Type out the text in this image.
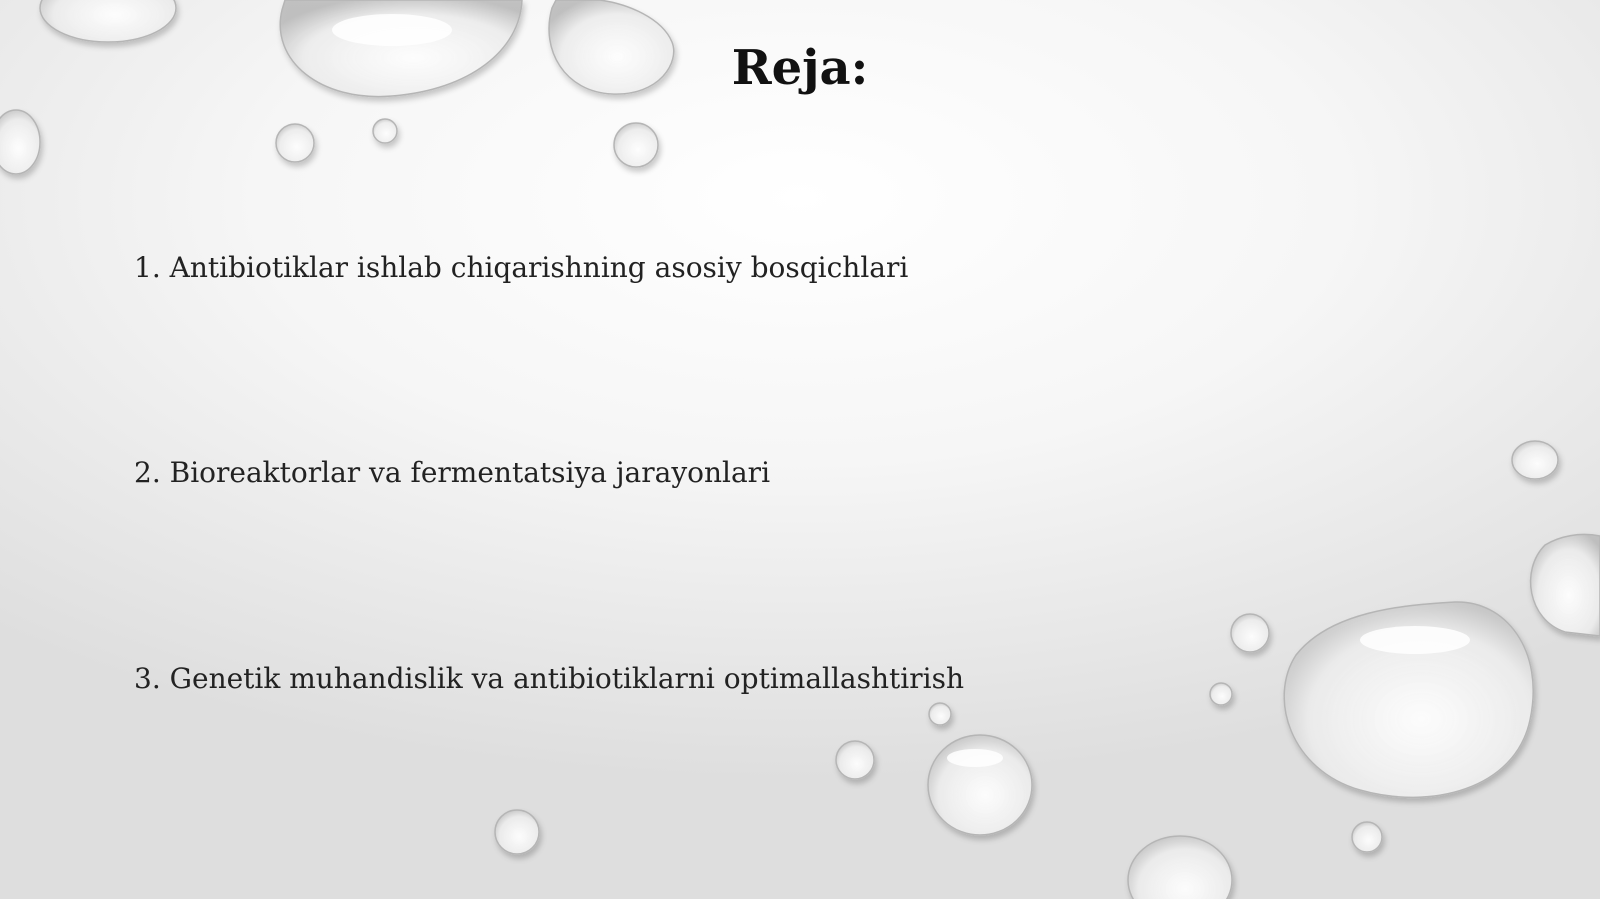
Reja:
1. Antibiotiklar ishlab chiqarishning asosiy bosqichlari
2. Bioreaktorlar va fermentatsiya jarayonlari
3. Genetik muhandislik va antibiotiklarni optimallashtirish
